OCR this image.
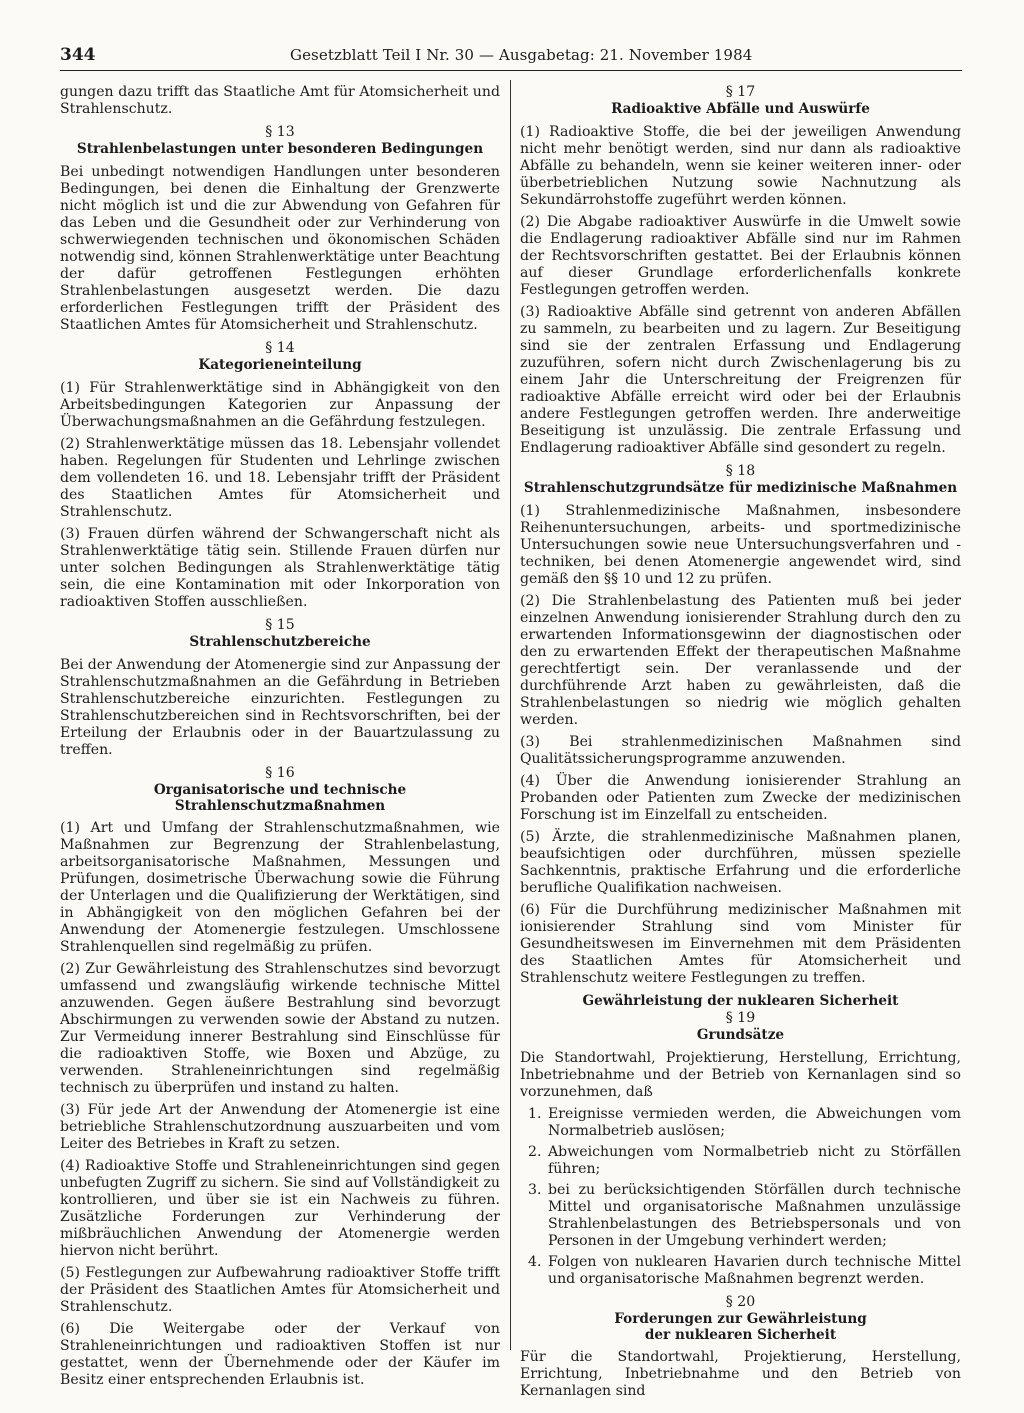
344	Gesetzblatt Teil I Nr. 30 — Ausgabetag: 21. November 1984

gungen dazu trifft das Staatliche Amt für Atomsicherheit und Strahlenschutz.

§ 13
Strahlenbelastungen unter besonderen Bedingungen

Bei unbedingt notwendigen Handlungen unter besonderen Bedingungen, bei denen die Einhaltung der Grenzwerte nicht möglich ist und die zur Abwendung von Gefahren für das Leben und die Gesundheit oder zur Verhinderung von schwerwiegenden technischen und ökonomischen Schäden notwendig sind, können Strahlenwerktätige unter Beachtung der dafür getroffenen Festlegungen erhöhten Strahlenbelastungen ausgesetzt werden. Die dazu erforderlichen Festlegungen trifft der Präsident des Staatlichen Amtes für Atomsicherheit und Strahlenschutz.

§ 14
Kategorieneinteilung

(1) Für Strahlenwerktätige sind in Abhängigkeit von den Arbeitsbedingungen Kategorien zur Anpassung der Überwachungsmaßnahmen an die Gefährdung festzulegen.

(2) Strahlenwerktätige müssen das 18. Lebensjahr vollendet haben. Regelungen für Studenten und Lehrlinge zwischen dem vollendeten 16. und 18. Lebensjahr trifft der Präsident des Staatlichen Amtes für Atomsicherheit und Strahlenschutz.

(3) Frauen dürfen während der Schwangerschaft nicht als Strahlenwerktätige tätig sein. Stillende Frauen dürfen nur unter solchen Bedingungen als Strahlenwerktätige tätig sein, die eine Kontamination mit oder Inkorporation von radioaktiven Stoffen ausschließen.

§ 15
Strahlenschutzbereiche

Bei der Anwendung der Atomenergie sind zur Anpassung der Strahlenschutzmaßnahmen an die Gefährdung in Betrieben Strahlenschutzbereiche einzurichten. Festlegungen zu Strahlenschutzbereichen sind in Rechtsvorschriften, bei der Erteilung der Erlaubnis oder in der Bauartzulassung zu treffen.

§ 16
Organisatorische und technische
Strahlenschutzmaßnahmen

(1) Art und Umfang der Strahlenschutzmaßnahmen, wie Maßnahmen zur Begrenzung der Strahlenbelastung, arbeitsorganisatorische Maßnahmen, Messungen und Prüfungen, dosimetrische Überwachung sowie die Führung der Unterlagen und die Qualifizierung der Werktätigen, sind in Abhängigkeit von den möglichen Gefahren bei der Anwendung der Atomenergie festzulegen. Umschlossene Strahlenquellen sind regelmäßig zu prüfen.

(2) Zur Gewährleistung des Strahlenschutzes sind bevorzugt umfassend und zwangsläufig wirkende technische Mittel anzuwenden. Gegen äußere Bestrahlung sind bevorzugt Abschirmungen zu verwenden sowie der Abstand zu nutzen. Zur Vermeidung innerer Bestrahlung sind Einschlüsse für die radioaktiven Stoffe, wie Boxen und Abzüge, zu verwenden. Strahleneinrichtungen sind regelmäßig technisch zu überprüfen und instand zu halten.

(3) Für jede Art der Anwendung der Atomenergie ist eine betriebliche Strahlenschutzordnung auszuarbeiten und vom Leiter des Betriebes in Kraft zu setzen.

(4) Radioaktive Stoffe und Strahleneinrichtungen sind gegen unbefugten Zugriff zu sichern. Sie sind auf Vollständigkeit zu kontrollieren, und über sie ist ein Nachweis zu führen. Zusätzliche Forderungen zur Verhinderung der mißbräuchlichen Anwendung der Atomenergie werden hiervon nicht berührt.

(5) Festlegungen zur Aufbewahrung radioaktiver Stoffe trifft der Präsident des Staatlichen Amtes für Atomsicherheit und Strahlenschutz.

(6) Die Weitergabe oder der Verkauf von Strahleneinrichtungen und radioaktiven Stoffen ist nur gestattet, wenn der Übernehmende oder der Käufer im Besitz einer entsprechenden Erlaubnis ist.

§ 17
Radioaktive Abfälle und Auswürfe

(1) Radioaktive Stoffe, die bei der jeweiligen Anwendung nicht mehr benötigt werden, sind nur dann als radioaktive Abfälle zu behandeln, wenn sie keiner weiteren inner- oder überbetrieblichen Nutzung sowie Nachnutzung als Sekundärrohstoffe zugeführt werden können.

(2) Die Abgabe radioaktiver Auswürfe in die Umwelt sowie die Endlagerung radioaktiver Abfälle sind nur im Rahmen der Rechtsvorschriften gestattet. Bei der Erlaubnis können auf dieser Grundlage erforderlichenfalls konkrete Festlegungen getroffen werden.

(3) Radioaktive Abfälle sind getrennt von anderen Abfällen zu sammeln, zu bearbeiten und zu lagern. Zur Beseitigung sind sie der zentralen Erfassung und Endlagerung zuzuführen, sofern nicht durch Zwischenlagerung bis zu einem Jahr die Unterschreitung der Freigrenzen für radioaktive Abfälle erreicht wird oder bei der Erlaubnis andere Festlegungen getroffen werden. Ihre anderweitige Beseitigung ist unzulässig. Die zentrale Erfassung und Endlagerung radioaktiver Abfälle sind gesondert zu regeln.

§ 18
Strahlenschutzgrundsätze für medizinische Maßnahmen

(1) Strahlenmedizinische Maßnahmen, insbesondere Reihenuntersuchungen, arbeits- und sportmedizinische Untersuchungen sowie neue Untersuchungsverfahren und -techniken, bei denen Atomenergie angewendet wird, sind gemäß den §§ 10 und 12 zu prüfen.

(2) Die Strahlenbelastung des Patienten muß bei jeder einzelnen Anwendung ionisierender Strahlung durch den zu erwartenden Informationsgewinn der diagnostischen oder den zu erwartenden Effekt der therapeutischen Maßnahme gerechtfertigt sein. Der veranlassende und der durchführende Arzt haben zu gewährleisten, daß die Strahlenbelastungen so niedrig wie möglich gehalten werden.

(3) Bei strahlenmedizinischen Maßnahmen sind Qualitätssicherungsprogramme anzuwenden.

(4) Über die Anwendung ionisierender Strahlung an Probanden oder Patienten zum Zwecke der medizinischen Forschung ist im Einzelfall zu entscheiden.

(5) Ärzte, die strahlenmedizinische Maßnahmen planen, beaufsichtigen oder durchführen, müssen spezielle Sachkenntnis, praktische Erfahrung und die erforderliche berufliche Qualifikation nachweisen.

(6) Für die Durchführung medizinischer Maßnahmen mit ionisierender Strahlung sind vom Minister für Gesundheitswesen im Einvernehmen mit dem Präsidenten des Staatlichen Amtes für Atomsicherheit und Strahlenschutz weitere Festlegungen zu treffen.

Gewährleistung der nuklearen Sicherheit
§ 19
Grundsätze

Die Standortwahl, Projektierung, Herstellung, Errichtung, Inbetriebnahme und der Betrieb von Kernanlagen sind so vorzunehmen, daß

1. Ereignisse vermieden werden, die Abweichungen vom Normalbetrieb auslösen;
2. Abweichungen vom Normalbetrieb nicht zu Störfällen führen;
3. bei zu berücksichtigenden Störfällen durch technische Mittel und organisatorische Maßnahmen unzulässige Strahlenbelastungen des Betriebspersonals und von Personen in der Umgebung verhindert werden;
4. Folgen von nuklearen Havarien durch technische Mittel und organisatorische Maßnahmen begrenzt werden.
§ 20
Forderungen zur Gewährleistung
der nuklearen Sicherheit

Für die Standortwahl, Projektierung, Herstellung, Errichtung, Inbetriebnahme und den Betrieb von Kernanlagen sind
